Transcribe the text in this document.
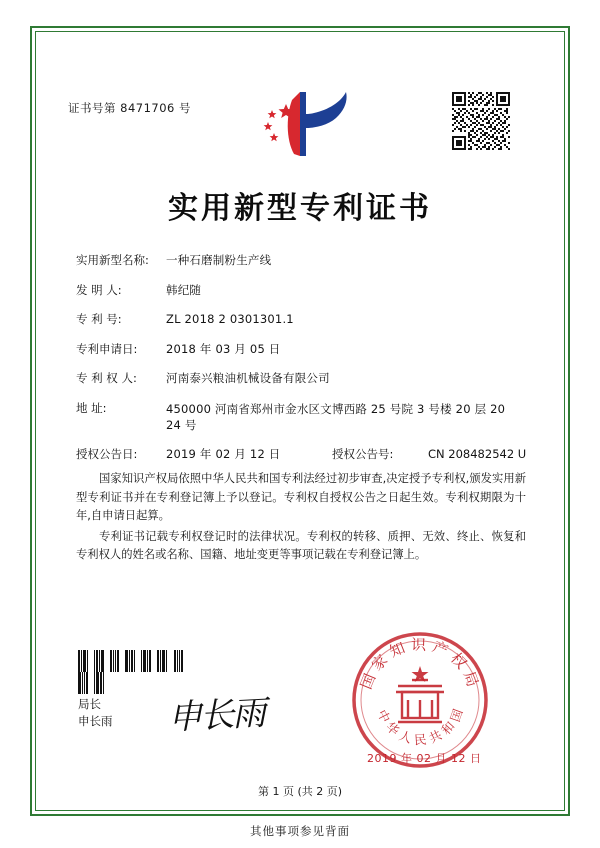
证书号第 8471706 号
实用新型专利证书
实用新型名称:	一种石磨制粉生产线
发 明 人:	韩纪随
专 利 号:	ZL 2018 2 0301301.1
专利申请日:	2018 年 03 月 05 日
专 利 权 人:	河南泰兴粮油机械设备有限公司
地 址:	450000 河南省郑州市金水区文博西路 25 号院 3 号楼 20 层 20 24 号
授权公告日:	2019 年 02 月 12 日	授权公告号:	CN 208482542 U

国家知识产权局依照中华人民共和国专利法经过初步审查,决定授予专利权,颁发实用新型专利证书并在专利登记簿上予以登记。专利权自授权公告之日起生效。专利权期限为十年,自申请日起算。

专利证书记载专利权登记时的法律状况。专利权的转移、质押、无效、终止、恢复和专利权人的姓名或名称、国籍、地址变更等事项记载在专利登记簿上。

局长
申长雨 申长雨
国家知识产权局
中华人民共和国
2019 年 02 月 12 日
第 1 页 (共 2 页)
其他事项参见背面
